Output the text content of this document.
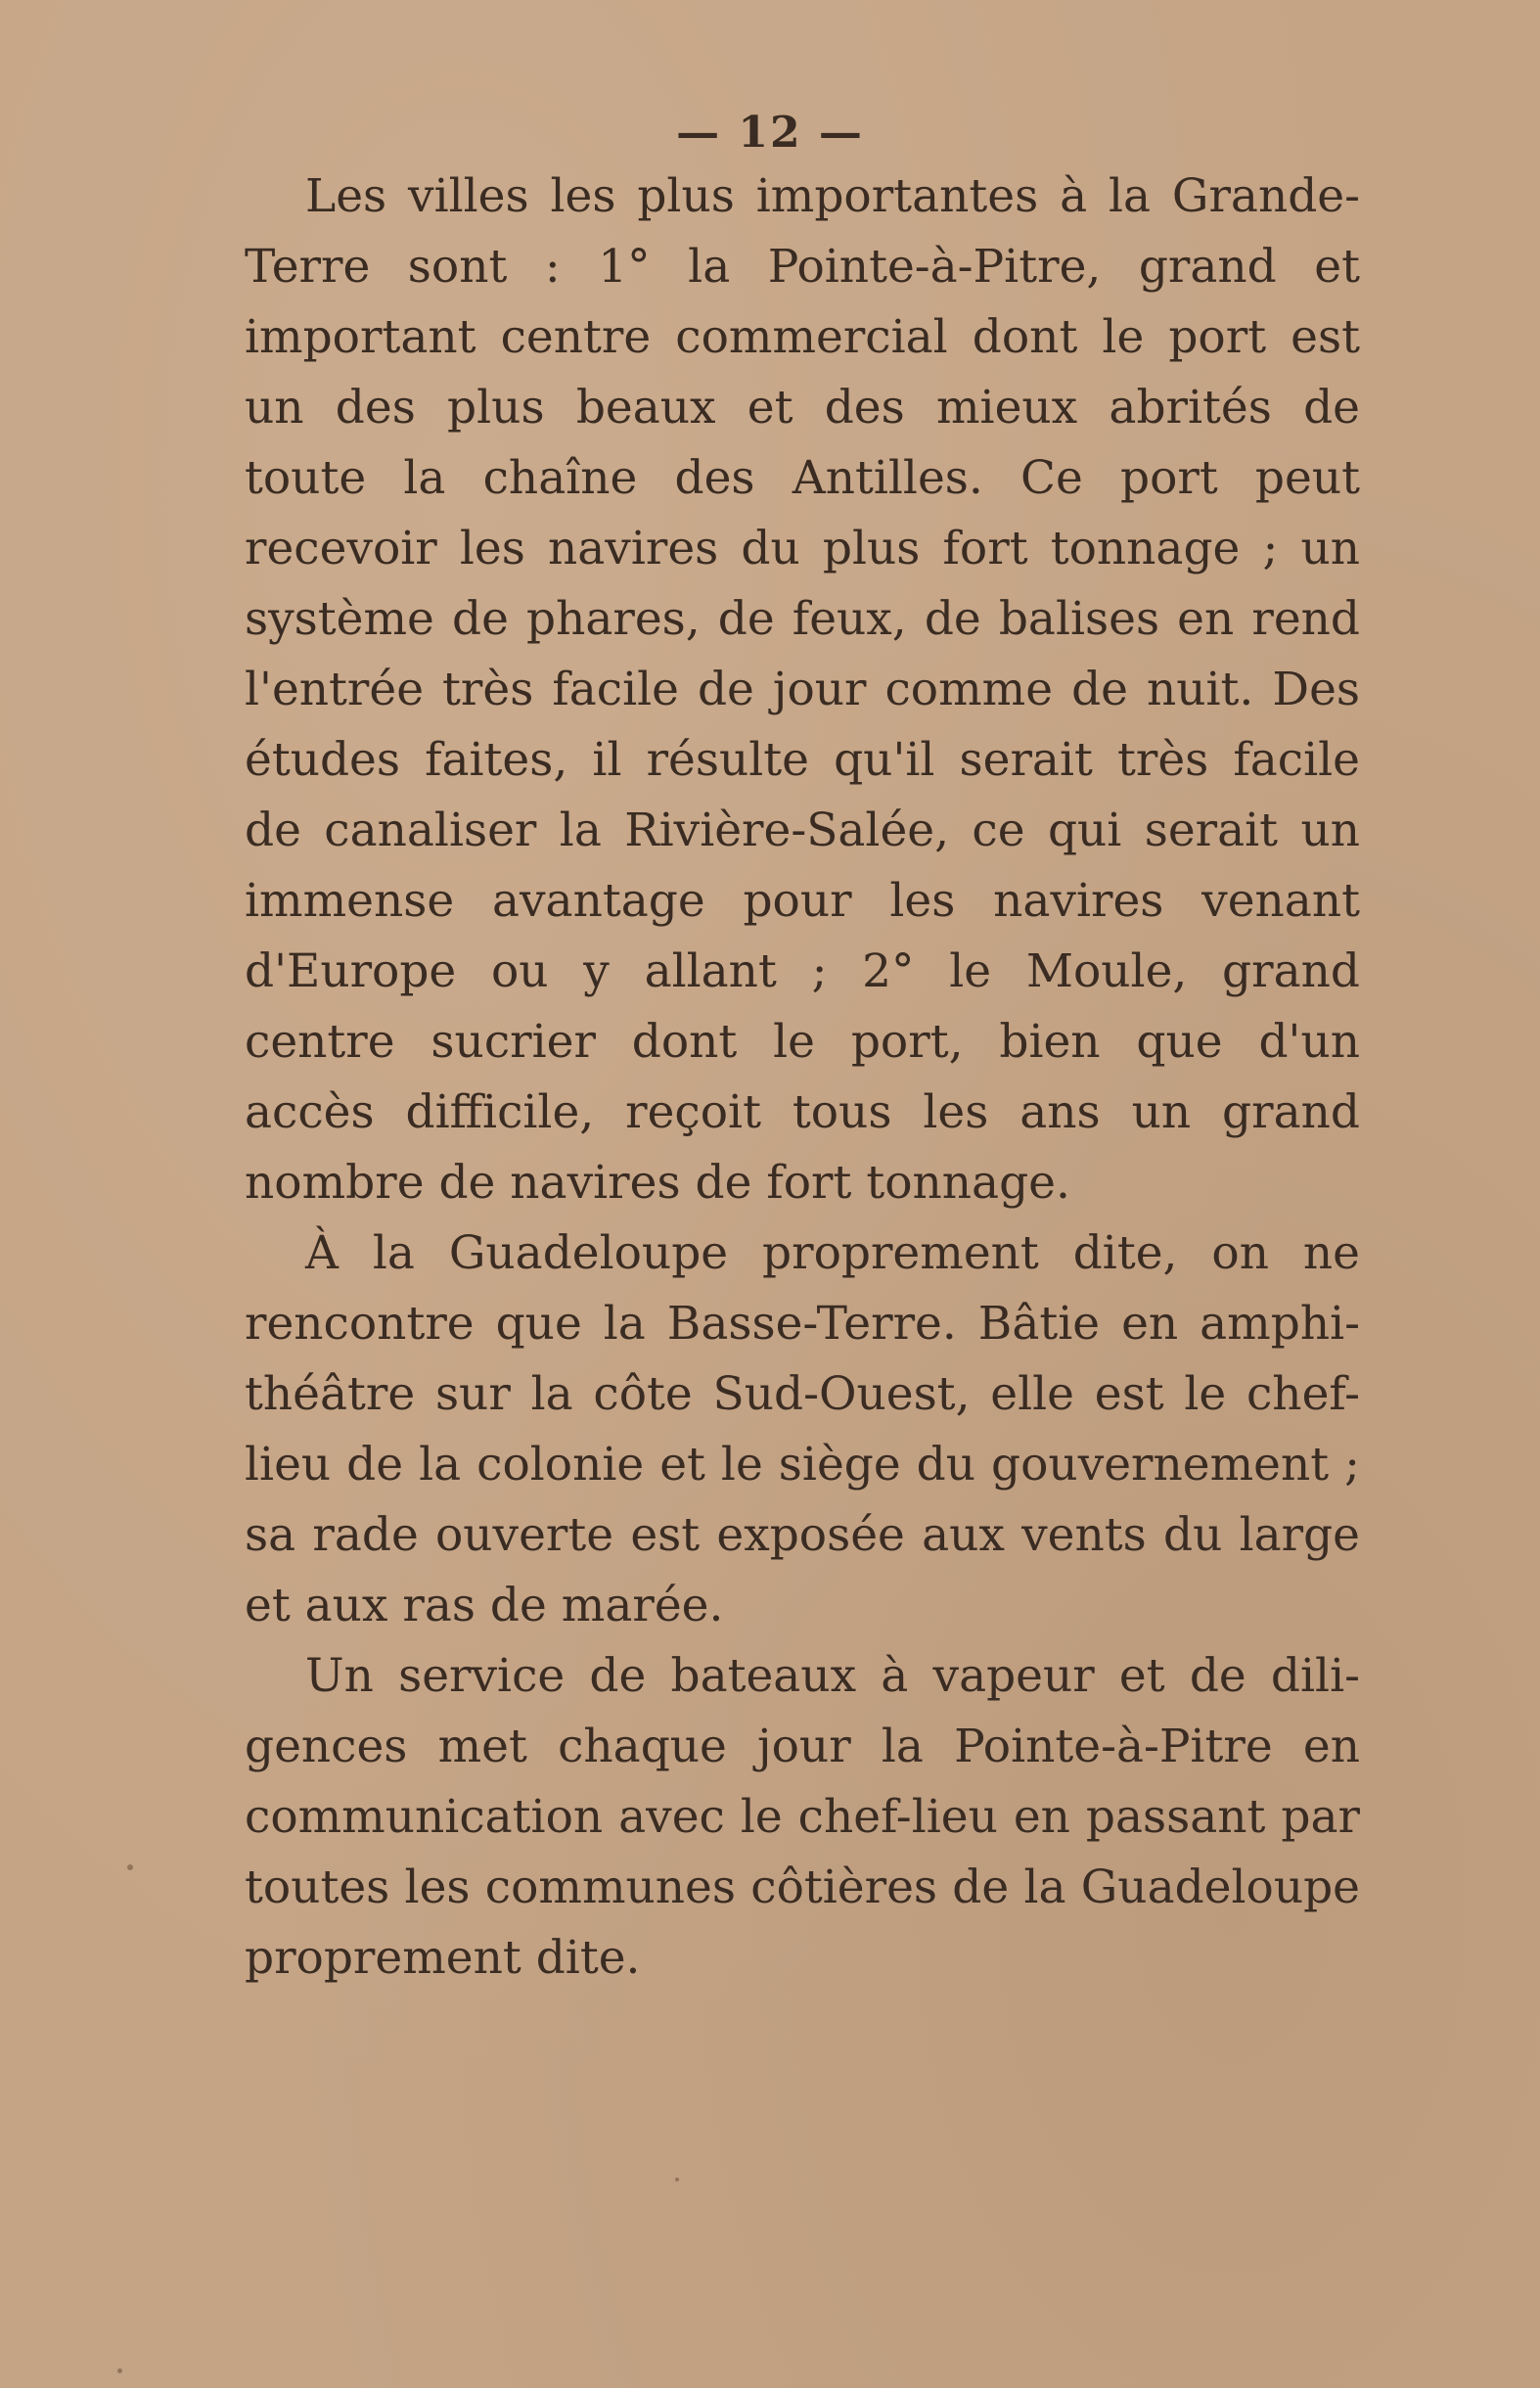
— 12 —
Les villes les plus importantes à la Grande-
Terre sont : 1° la Pointe-à-Pitre, grand et
important centre commercial dont le port est
un des plus beaux et des mieux abrités de
toute la chaîne des Antilles. Ce port peut
recevoir les navires du plus fort tonnage ; un
système de phares, de feux, de balises en rend
l'entrée très facile de jour comme de nuit. Des
études faites, il résulte qu'il serait très facile
de canaliser la Rivière-Salée, ce qui serait un
immense avantage pour les navires venant
d'Europe ou y allant ; 2° le Moule, grand
centre sucrier dont le port, bien que d'un
accès difficile, reçoit tous les ans un grand
nombre de navires de fort tonnage.
À la Guadeloupe proprement dite, on ne
rencontre que la Basse-Terre. Bâtie en amphi-
théâtre sur la côte Sud-Ouest, elle est le chef-
lieu de la colonie et le siège du gouvernement ;
sa rade ouverte est exposée aux vents du large
et aux ras de marée.
Un service de bateaux à vapeur et de dili-
gences met chaque jour la Pointe-à-Pitre en
communication avec le chef-lieu en passant par
toutes les communes côtières de la Guadeloupe
proprement dite.
